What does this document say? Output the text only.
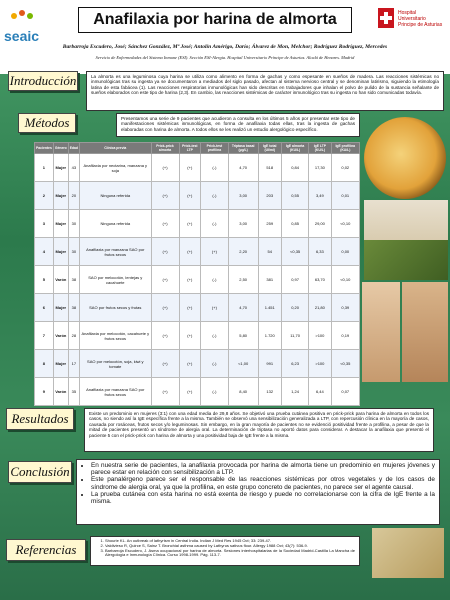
seaic
Anafilaxia por harina de almorta	Hospital Universitario Principe de Asturias
Barbarroja Escudero, José; Sánchez González, Mª José; Antolín Amérigo, Darío; Álvarez de Mon, Melchor; Rodríguez Rodríguez, Mercedes
Servicio de Enfermedades del Sistema Inmune (ESI). Sección ESI-Alergia. Hospital Universitario Príncipe de Asturias. Alcalá de Henares. Madrid
Introducción	La almorta es una leguminosa cuya harina se utiliza como alimento en forma de gachas y como espesante en sueños de madera. Las reacciones sistémicas no inmunológicas tras su ingesta ya se documentaron a mediados del siglo pasado, afectan al sistema nervioso central y se denominan latirismo, siguiendo la etimología latina de esta fabácea (1). Las reacciones respiratorias inmunológicas han sido descritas en trabajadores que inhalan el polvo de pulido de la sustancia señalante de sueños elaborados con este tipo de harina (2,3). En cambio, las reacciones sistémicas de carácter inmunológico tras su ingesta no han sido comunicadas todavía.
Métodos	Presentamos una serie de 9 pacientes que acudieron a consulta en los últimos 5 años por presentar este tipo de manifestaciones sistémicas inmunológicas, en forma de anafilaxia todas ellas, tras la ingesta de gachas elaboradas con harina de almorta. A todos ellos se les realizó un estudio alergológico específico.
Pacientes	Género	Edad	Clínica previa	Prick-prick almorta	Prick-test LTP	Prick-test profilina	Triptasa basal (µg/L)	IgE total (UI/ml)	IgE almorta (KU/L)	IgE LTP (KU/L)	IgE profilina (KU/L)
1	Mujer	43	Anafilaxia por nectarina, manzana y soja	(+)	(+)	(-)	4,70	518	0,84	17,30	0,02
2	Mujer	20	Ninguna referida	(+)	(+)	(-)	3,00	203	0,55	3,49	0,01
3	Mujer	30	Ninguna referida	(+)	(+)	(-)	3,00	259	0,85	29,00	<0,10
4	Mujer	30	Anafilaxia por manzana SAO por frutos secos	(+)	(+)	(+)	2,20	54	<0,35	6,33	0,00
5	Varón	38	SAO por melocotón, lentejas y cacahuete	(+)	(+)	(-)	2,50	381	0,97	63,70	<0,10
6	Mujer	38	SAO por frutos secos y frutas	(+)	(+)	(+)	4,70	1.451	0,20	21,80	0,39
7	Varón	28	Anafilaxia por melocotón, cacahuete y frutos secos	(+)	(+)	(-)	5,80	1.720	11,70	>100	0,19
8	Mujer	17	SAO por melocotón, soja, kiwi y tomate	(+)	(+)	(-)	<1,00	991	6,23	>100	<0,35
9	Varón	35	Anafilaxia por manzana SAO por frutos secos	(+)	(+)	(-)	8,40	132	1,24	6,44	0,07
Resultados	Existe un predominio en mujeres (3:1) con una edad media de 29,8 años. Se objetivó una prueba cutánea positiva en prick-prick para harina de almorta en todos los casos, no siendo así la IgE específica frente a la misma. También se observó una sensibilización generalizada a LTP, con repercusión clínica en la mayoría de casos, causada por rosáceas, frutos secos y/o leguminosas. Sin embargo, en la gran mayoría de pacientes no se evidenció positividad frente a profilina, a pesar de que la mitad de pacientes presentó un síndrome de alergia oral. La determinación de triptasa no aportó datos para considerar. A destacar la anafilaxia que presentó el paciente 5 con el prick-prick con harina de almorta y una positividad baja de IgE frente a la misma.
Conclusión	• En nuestra serie de pacientes, la anafilaxia provocada por harina de almorta tiene un predominio en mujeres jóvenes y parece estar en relación con sensibilización a LTP.
• Este panalérgeno parece ser el responsable de las reacciones sistémicas por otros vegetales y de los casos de síndrome de alergia oral, ya que la profilina, en este grupo concreto de pacientes, no parece ser el agente causal.
• La prueba cutánea con esta harina no está exenta de riesgo y puede no correlacionarse con la cifra de IgE frente a la misma.
Referencias
1. Shourie KL. An outbreak of lathyrism in Central India. Indian J Med Res 1945 Oct; 33: 239-47.
2. Valdivieso R, Quirce S, Sainz T. Bronchial asthma caused by Lathyrus sativus flour. Allergy 1988 Oct; 43(7): 536-9.
3. Barbarroja Escudero, J. Asma ocupacional por harina de almorta. Sesiones interhospitalarias de la Sociedad Madrid-Castilla La Mancha de Alergología e Inmunología Clínica. Curso 1998-1999. Pág. 113-7.
